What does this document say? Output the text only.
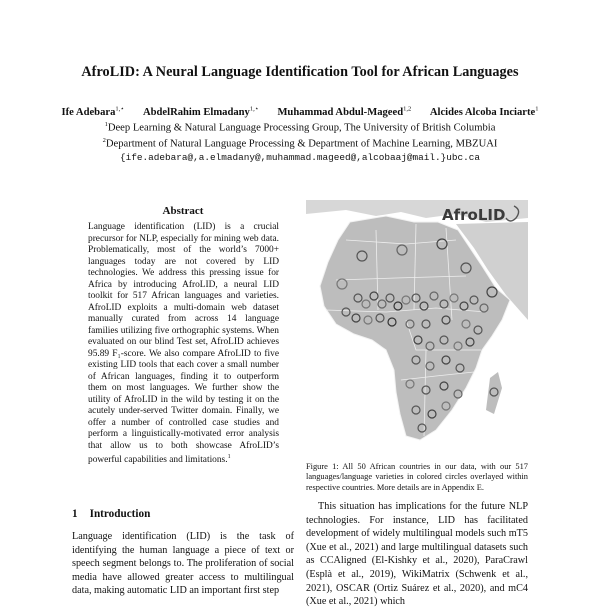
AfroLID: A Neural Language Identification Tool for African Languages
Ife Adebara$^{1,⋆}$ AbdelRahim Elmadany$^{1,⋆}$ Muhammad Abdul-Mageed$^{1,2}$ Alcides Alcoba Inciarte$^1$
$^1$Deep Learning & Natural Language Processing Group, The University of British Columbia
$^2$Department of Natural Language Processing & Department of Machine Learning, MBZUAI
{ife.adebara@,a.elmadany@,muhammad.mageed@,alcobaaj@mail.}ubc.ca
Abstract
Language identification (LID) is a crucial precursor for NLP, especially for mining web data. Problematically, most of the world’s 7000+ languages today are not covered by LID technologies. We address this pressing issue for Africa by introducing AfroLID, a neural LID toolkit for 517 African languages and varieties. AfroLID exploits a multi-domain web dataset manually curated from across 14 language families utilizing five orthographic systems. When evaluated on our blind Test set, AfroLID achieves 95.89 F₁-score. We also compare AfroLID to five existing LID tools that each cover a small number of African languages, finding it to outperform them on most languages. We further show the utility of AfroLID in the wild by testing it on the acutely under-served Twitter domain. Finally, we offer a number of controlled case studies and perform a linguistically-motivated error analysis that allow us to both showcase AfroLID’s powerful capabilities and limitations.$^1$
1 Introduction
Language identification (LID) is the task of identifying the human language a piece of text or speech segment belongs to. The proliferation of social media have allowed greater access to multilingual data, making automatic LID an important first step
AfroLID
Figure 1: All 50 African countries in our data, with our 517 languages/language varieties in colored circles overlayed within respective countries. More details are in Appendix E.
This situation has implications for the future NLP technologies. For instance, LID has facilitated development of widely multilingual models such mT5 (Xue et al., 2021) and large multilingual datasets such as CCAligned (El-Kishky et al., 2020), ParaCrawl (Esplà et al., 2019), WikiMatrix (Schwenk et al., 2021), OSCAR (Ortiz Suárez et al., 2020), and mC4 (Xue et al., 2021) which
